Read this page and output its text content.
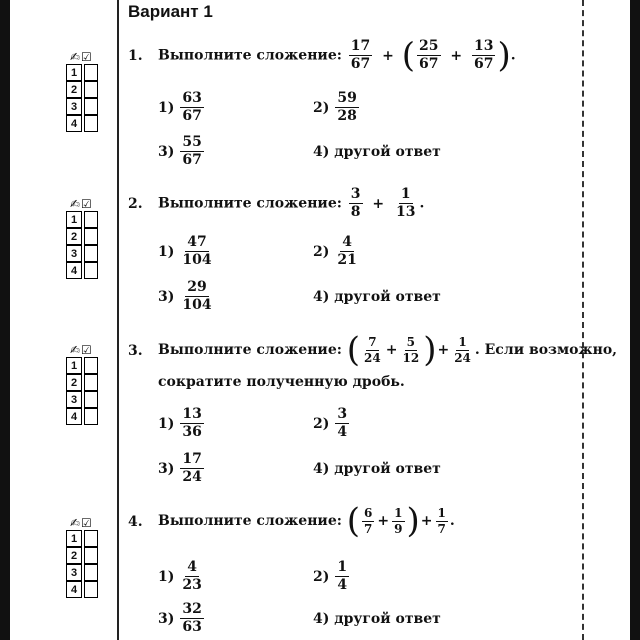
Вариант 1
✍☑
1
2
3
4
1. Выполните сложение: $\frac{17}{67}$ + ( $\frac{25}{67} + \frac{13}{67}$ ).
$1) \frac{63}{67}$	$2) \frac{59}{28}$
$3) \frac{55}{67}$	4) другой ответ
✍☑
1
2
3
4
2. Выполните сложение: $\frac{3}{8} + \frac{1}{13}$ .
$1) \frac{47}{104}$	$2) \frac{4}{21}$
$3) \frac{29}{104}$	4) другой ответ
✍☑
1
2
3
4
3. Выполните сложение: ( $\frac{7}{24} + \frac{5}{12}$ )+ $\frac{1}{24}$ . Если возможно,
сократите полученную дробь.
$1) \frac{13}{36}$	$2) \frac{3}{4}$
$3) \frac{17}{24}$	4) другой ответ
✍☑
1
2
3
4
4. Выполните сложение: ( $\frac{6}{7} + \frac{1}{9}$ )+ $\frac{1}{7}$ .
$1) \frac{4}{23}$	$2) \frac{1}{4}$
$3) \frac{32}{63}$	4) другой ответ
